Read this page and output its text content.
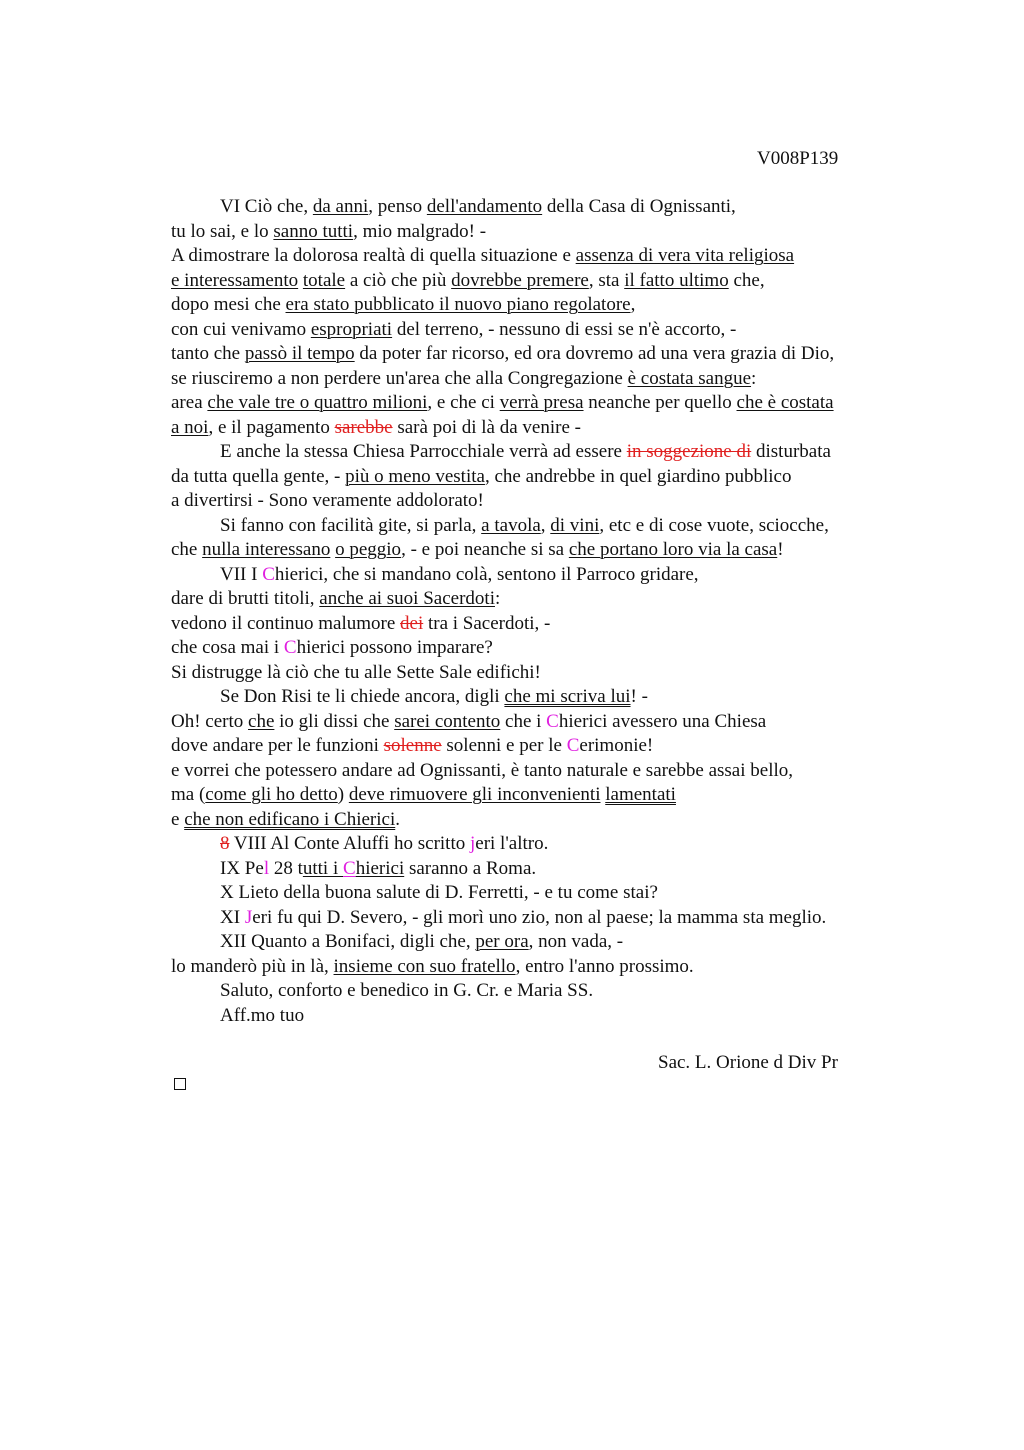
V008P139
VI Ciò che, da anni, penso dell'andamento della Casa di Ognissanti,
tu lo sai, e lo sanno tutti, mio malgrado! -
A dimostrare la dolorosa realtà di quella situazione e assenza di vera vita religiosa
e interessamento totale a ciò che più dovrebbe premere, sta il fatto ultimo che,
dopo mesi che era stato pubblicato il nuovo piano regolatore,
con cui venivamo espropriati del terreno, - nessuno di essi se n'è accorto, -
tanto che passò il tempo da poter far ricorso, ed ora dovremo ad una vera grazia di Dio,
se riusciremo a non perdere un'area che alla Congregazione è costata sangue:
area che vale tre o quattro milioni, e che ci verrà presa neanche per quello che è costata
a noi, e il pagamento sarebbe sarà poi di là da venire -
E anche la stessa Chiesa Parrocchiale verrà ad essere in soggezione di disturbata
da tutta quella gente, - più o meno vestita, che andrebbe in quel giardino pubblico
a divertirsi - Sono veramente addolorato!
Si fanno con facilità gite, si parla, a tavola, di vini, etc e di cose vuote, sciocche,
che nulla interessano o peggio, - e poi neanche si sa che portano loro via la casa!
VII I Chierici, che si mandano colà, sentono il Parroco gridare,
dare di brutti titoli, anche ai suoi Sacerdoti:
vedono il continuo malumore dei tra i Sacerdoti, -
che cosa mai i Chierici possono imparare?
Si distrugge là ciò che tu alle Sette Sale edifichi!
Se Don Risi te li chiede ancora, digli che mi scriva lui! -
Oh! certo che io gli dissi che sarei contento che i Chierici avessero una Chiesa
dove andare per le funzioni solenne solenni e per le Cerimonie!
e vorrei che potessero andare ad Ognissanti, è tanto naturale e sarebbe assai bello,
ma (come gli ho detto) deve rimuovere gli inconvenienti lamentati
e che non edificano i Chierici.
8 VIII Al Conte Aluffi ho scritto jeri l'altro.
IX Pel 28 tutti i Chierici saranno a Roma.
X Lieto della buona salute di D. Ferretti, - e tu come stai?
XI Jeri fu qui D. Severo, - gli morì uno zio, non al paese; la mamma sta meglio.
XII Quanto a Bonifaci, digli che, per ora, non vada, -
lo manderò più in là, insieme con suo fratello, entro l'anno prossimo.
Saluto, conforto e benedico in G. Cr. e Maria SS.
Aff.mo tuo
Sac. L. Orione d Div Pr
